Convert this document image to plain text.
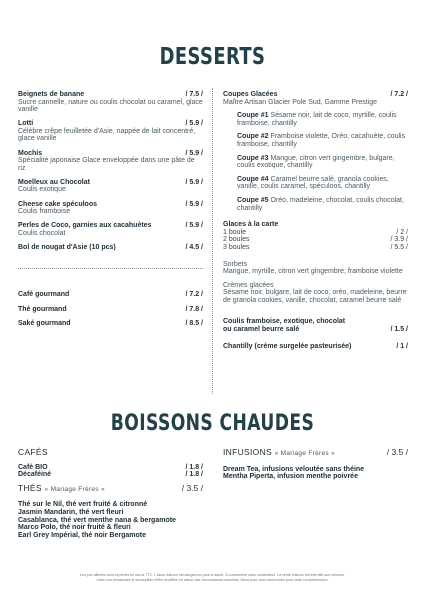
DESSERTS
Beignets de banane	/ 7.5 /
Sucre cannelle, nature ou coulis chocolat ou caramel, glace vanille
Lotti	/ 5.9 /
Célèbre crêpe feuilletée d'Asie, nappée de lait concentré, glace vanille
Mochis	/ 5.9 /
Spécialité japonaise Glace enveloppée dans une pâte de riz
Moelleux au Chocolat	/ 5.9 /
Coulis exotique
Cheese cake spéculoos	/ 5.9 /
Coulis framboise
Perles de Coco, garnies aux cacahuètes	/ 5.9 /
Coulis chocolat
Bol de nougat d'Asie (10 pcs)	/ 4.5 /
Café gourmand	/ 7.2 /
Thé gourmand	/ 7.8 /
Saké gourmand	/ 8.5 /
Coupes Glacées	/ 7.2 /
Maître Artisan Glacier Pole Sud, Gamme Prestige
Coupe #1 Sésame noir, lait de coco, myrtille, coulis framboise, chantilly
Coupe #2 Framboise violette, Oréo, cacahuète, coulis framboise, chantilly
Coupe #3 Mangue, citron vert gingembre, bulgare, coulis exotique, chantilly
Coupe #4 Caramel beurre salé, granola cookies, vanille, coulis caramel, spéculoos, chantilly
Coupe #5 Oréo, madeleine, chocolat, coulis chocolat, chantilly
Glaces à la carte
1 boule	/ 2 /
2 boules	/ 3.9 /
3 boules	/ 5.5 /
Sorbets
Mangue, myrtille, citron vert gingembre, framboise violette
Crèmes glacées
Sésame noir, bulgare, lait de coco, oréo, madeleine, beurre de granola cookies, vanille, chocolat, caramel beurre salé
Coulis framboise, exotique, chocolat
ou caramel beurre salé	/ 1.5 /
Chantilly (crème surgelée pasteurisée)	/ 1 /
BOISSONS CHAUDES
CAFÉS
Café BIO	/ 1.8 /
Décaféiné	/ 1.8 /
THÉS « Mariage Frères »	/ 3.5 /
Thé sur le Nil, thé vert fruité & citronné
Jasmin Mandarin, thé vert fleuri
Casablanca, thé vert menthe nana & bergamote
Marco Polo, thé noir fruité & fleuri
Earl Grey Impérial, thé noir Bergamote
INFUSIONS « Mariage Frères »	/ 3.5 /
Dream Tea, infusions veloutée sans théine
Mentha Piperta, infusion menthe poivrée
Les prix affichés sont exprimés en euros TTC. L'abus d'alcool est dangereux pour la santé. À consommer avec modération. La vente d'alcool est interdite aux mineurs.
Carte non exhaustive et susceptible d'être modifiée en raison des circonstances actuelles. Merci pour vous remercions pour votre compréhension.
